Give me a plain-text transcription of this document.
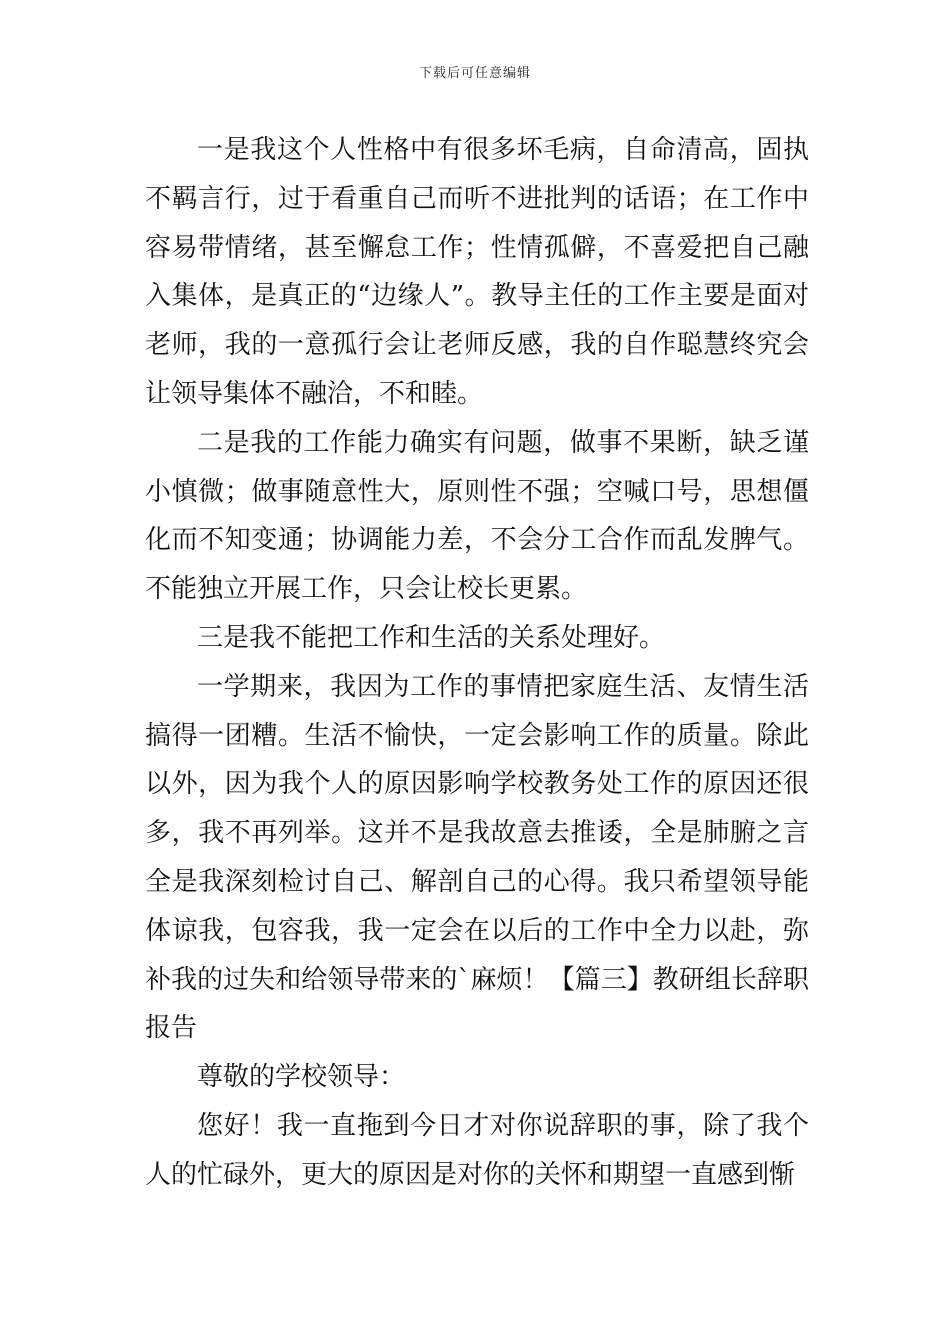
下载后可任意编辑

一是我这个人性格中有很多坏毛病，自命清高，固执不羁言行，过于看重自己而听不进批判的话语；在工作中容易带情绪，甚至懈怠工作；性情孤僻，不喜爱把自己融入集体，是真正的“边缘人”。教导主任的工作主要是面对老师，我的一意孤行会让老师反感，我的自作聪慧终究会让领导集体不融洽，不和睦。

二是我的工作能力确实有问题，做事不果断，缺乏谨小慎微；做事随意性大，原则性不强；空喊口号，思想僵化而不知变通；协调能力差，不会分工合作而乱发脾气。不能独立开展工作，只会让校长更累。

三是我不能把工作和生活的关系处理好。

一学期来，我因为工作的事情把家庭生活、友情生活搞得一团糟。生活不愉快，一定会影响工作的质量。除此以外，因为我个人的原因影响学校教务处工作的原因还很多，我不再列举。这并不是我故意去推诿，全是肺腑之言全是我深刻检讨自己、解剖自己的心得。我只希望领导能体谅我，包容我，我一定会在以后的工作中全力以赴，弥补我的过失和给领导带来的`麻烦！【篇三】教研组长辞职报告

尊敬的学校领导：

您好！我一直拖到今日才对你说辞职的事，除了我个人的忙碌外，更大的原因是对你的关怀和期望一直感到惭
